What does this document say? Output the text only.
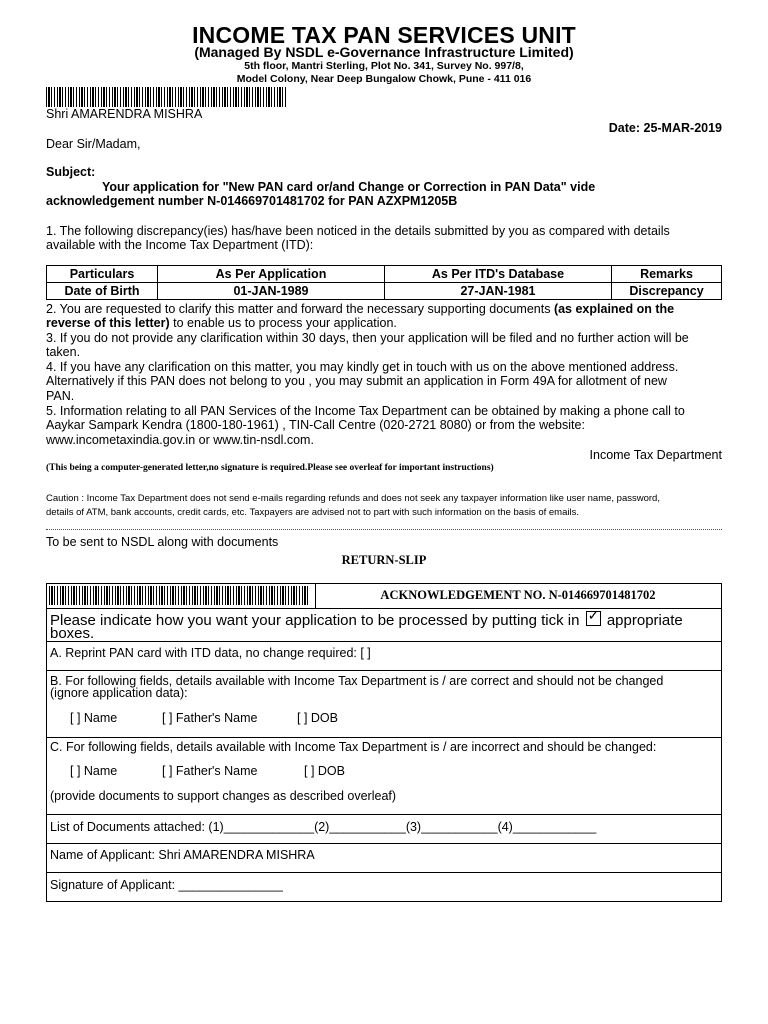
INCOME TAX PAN SERVICES UNIT
(Managed By NSDL e-Governance Infrastructure Limited)
5th floor, Mantri Sterling, Plot No. 341, Survey No. 997/8,
Model Colony, Near Deep Bungalow Chowk, Pune - 411 016
Shri AMARENDRA MISHRA
Date: 25-MAR-2019
Dear Sir/Madam,
Subject:
Your application for "New PAN card or/and Change or Correction in PAN Data" vide
acknowledgement number N-014669701481702 for PAN AZXPM1205B
1. The following discrepancy(ies) has/have been noticed in the details submitted by you as compared with details
available with the Income Tax Department (ITD):
Particulars	As Per Application	As Per ITD's Database	Remarks
Date of Birth	01-JAN-1989	27-JAN-1981	Discrepancy
2. You are requested to clarify this matter and forward the necessary supporting documents (as explained on the
reverse of this letter) to enable us to process your application.
3. If you do not provide any clarification within 30 days, then your application will be filed and no further action will be
taken.
4. If you have any clarification on this matter, you may kindly get in touch with us on the above mentioned address.
Alternatively if this PAN does not belong to you , you may submit an application in Form 49A for allotment of new
PAN.
5. Information relating to all PAN Services of the Income Tax Department can be obtained by making a phone call to
Aaykar Sampark Kendra (1800-180-1961) , TIN-Call Centre (020-2721 8080) or from the website:
www.incometaxindia.gov.in or www.tin-nsdl.com.
Income Tax Department
(This being a computer-generated letter,no signature is required.Please see overleaf for important instructions)
Caution : Income Tax Department does not send e-mails regarding refunds and does not seek any taxpayer information like user name, password,
details of ATM, bank accounts, credit cards, etc. Taxpayers are advised not to part with such information on the basis of emails.
To be sent to NSDL along with documents
RETURN-SLIP
ACKNOWLEDGEMENT NO. N-014669701481702
Please indicate how you want your application to be processed by putting tick in ✓ appropriate
boxes.
A. Reprint PAN card with ITD data, no change required: [ ]
B. For following fields, details available with Income Tax Department is / are correct and should not be changed
(ignore application data):
[ ] Name	[ ] Father's Name	[ ] DOB
C. For following fields, details available with Income Tax Department is / are incorrect and should be changed:
[ ] Name	[ ] Father's Name	[ ] DOB
(provide documents to support changes as described overleaf)
List of Documents attached: (1)_____________(2)___________(3)___________(4)____________
Name of Applicant: Shri AMARENDRA MISHRA
Signature of Applicant: _______________
